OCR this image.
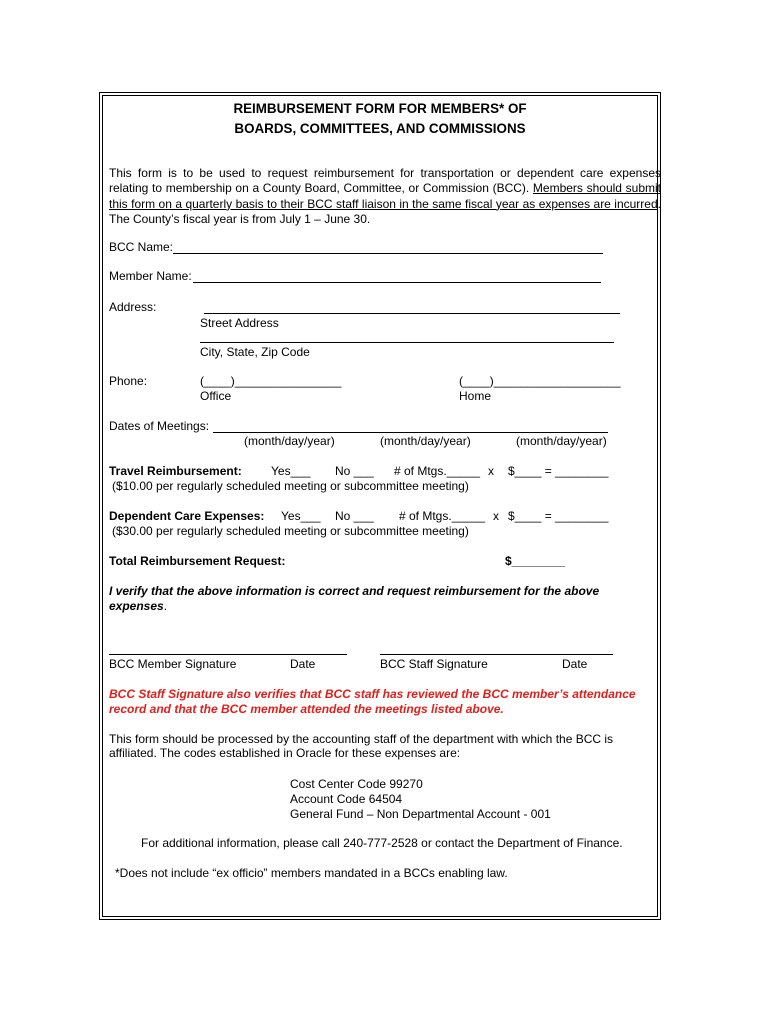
REIMBURSEMENT FORM FOR MEMBERS* OF
BOARDS, COMMITTEES, AND COMMISSIONS
This form is to be used to request reimbursement for transportation or dependent care expenses relating to membership on a County Board, Committee, or Commission (BCC). Members should submit this form on a quarterly basis to their BCC staff liaison in the same fiscal year as expenses are incurred. The County’s fiscal year is from July 1 – June 30.
BCC Name:
Member Name:
Address:
Street Address
City, State, Zip Code
Phone:	(____)________________
Office
(____)___________________
Home
Dates of Meetings:
(month/day/year)	(month/day/year)	(month/day/year)
Travel Reimbursement: Yes___ No ___ # of Mtgs._____ x $____ = ________
($10.00 per regularly scheduled meeting or subcommittee meeting)
Dependent Care Expenses: Yes___ No ___ # of Mtgs._____ x $____ = ________
($30.00 per regularly scheduled meeting or subcommittee meeting)
Total Reimbursement Request:	$________
I verify that the above information is correct and request reimbursement for the above
expenses.
BCC Member Signature	Date	BCC Staff Signature	Date
BCC Staff Signature also verifies that BCC staff has reviewed the BCC member’s attendance
record and that the BCC member attended the meetings listed above.
This form should be processed by the accounting staff of the department with which the BCC is
affiliated. The codes established in Oracle for these expenses are:
Cost Center Code 99270
Account Code 64504
General Fund – Non Departmental Account - 001
For additional information, please call 240-777-2528 or contact the Department of Finance.
*Does not include “ex officio” members mandated in a BCCs enabling law.
